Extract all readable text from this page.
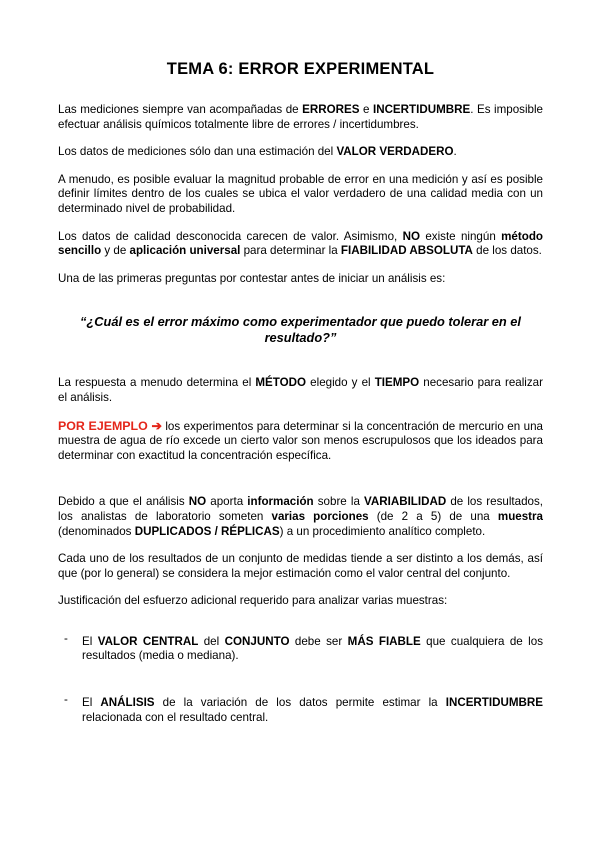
TEMA 6: ERROR EXPERIMENTAL

Las mediciones siempre van acompañadas de ERRORES e INCERTIDUMBRE. Es imposible efectuar análisis químicos totalmente libre de errores / incertidumbres.

Los datos de mediciones sólo dan una estimación del VALOR VERDADERO.

A menudo, es posible evaluar la magnitud probable de error en una medición y así es posible definir límites dentro de los cuales se ubica el valor verdadero de una calidad media con un determinado nivel de probabilidad.

Los datos de calidad desconocida carecen de valor. Asimismo, NO existe ningún método sencillo y de aplicación universal para determinar la FIABILIDAD ABSOLUTA de los datos.

Una de las primeras preguntas por contestar antes de iniciar un análisis es:

“¿Cuál es el error máximo como experimentador que puedo tolerar en el resultado?”

La respuesta a menudo determina el MÉTODO elegido y el TIEMPO necesario para realizar el análisis.

POR EJEMPLO ➔ los experimentos para determinar si la concentración de mercurio en una muestra de agua de río excede un cierto valor son menos escrupulosos que los ideados para determinar con exactitud la concentración específica.

Debido a que el análisis NO aporta información sobre la VARIABILIDAD de los resultados, los analistas de laboratorio someten varias porciones (de 2 a 5) de una muestra (denominados DUPLICADOS / RÉPLICAS) a un procedimiento analítico completo.

Cada uno de los resultados de un conjunto de medidas tiende a ser distinto a los demás, así que (por lo general) se considera la mejor estimación como el valor central del conjunto.

Justificación del esfuerzo adicional requerido para analizar varias muestras:

-	El VALOR CENTRAL del CONJUNTO debe ser MÁS FIABLE que cualquiera de los resultados (media o mediana).
-	El ANÁLISIS de la variación de los datos permite estimar la INCERTIDUMBRE relacionada con el resultado central.
